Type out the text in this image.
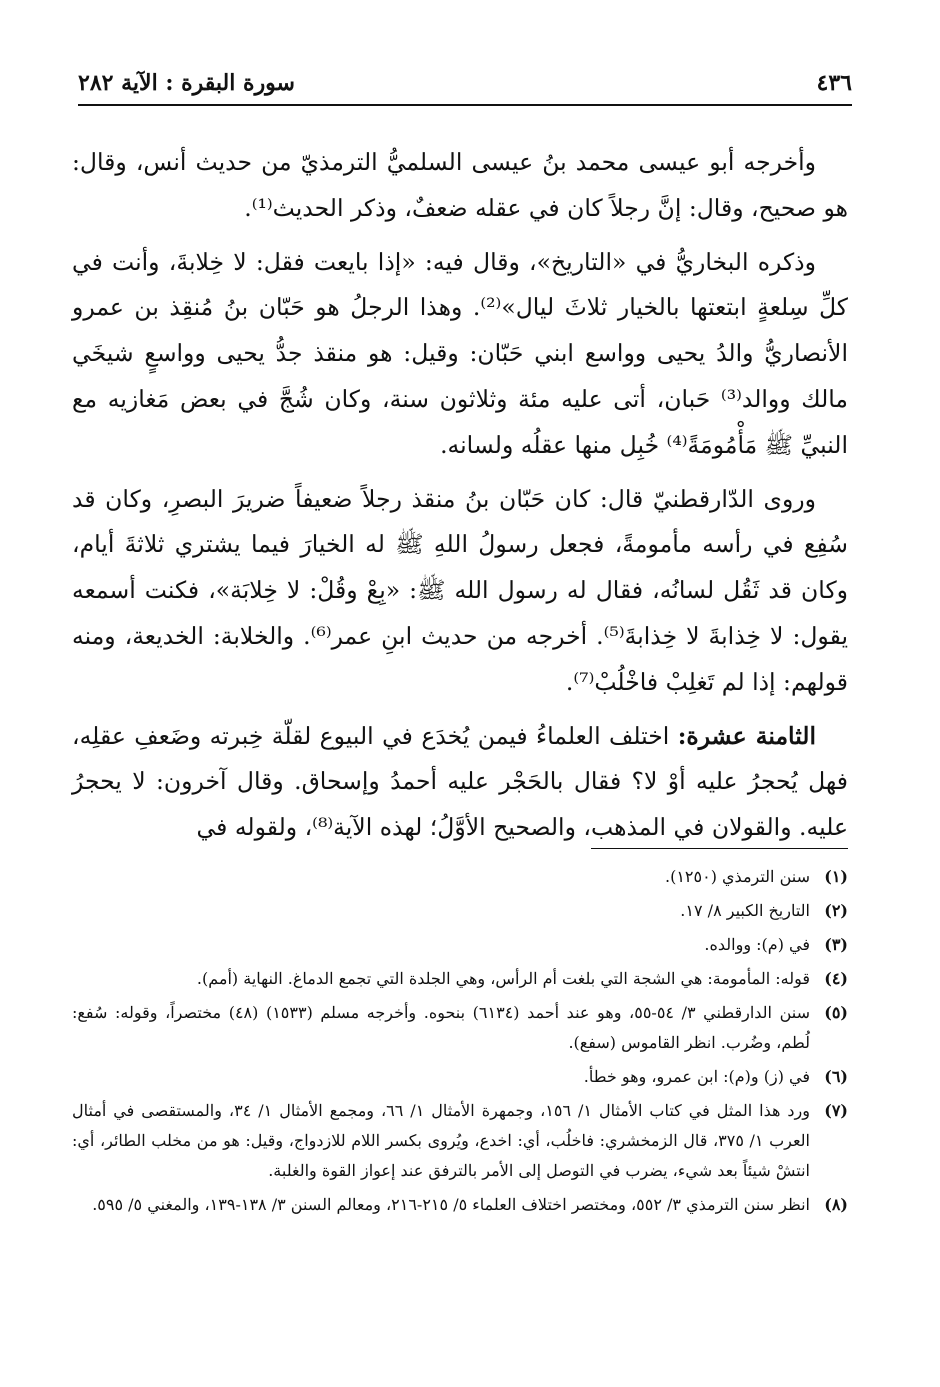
٤٣٦
سورة البقرة : الآية ٢٨٢

وأخرجه أبو عيسى محمد بنُ عيسى السلميُّ الترمذيّ من حديث أنس، وقال: هو صحيح، وقال: إنَّ رجلاً كان في عقله ضعفٌ، وذكر الحديث⁽¹⁾.

وذكره البخاريُّ في «التاريخ»، وقال فيه: «إذا بايعت فقل: لا خِلابةَ، وأنت في كلِّ سِلعةٍ ابتعتها بالخيار ثلاثَ ليال»⁽²⁾. وهذا الرجلُ هو حَبّان بنُ مُنقِذ بن عمرو الأنصاريُّ والدُ يحيى وواسع ابني حَبّان: وقيل: هو منقذ جدُّ يحيى وواسعٍ شيخَي مالك ووالد⁽³⁾ حَبان، أتى عليه مئة وثلاثون سنة، وكان شُجَّ في بعض مَغازيه مع النبيِّ ﷺ مَأْمُومَةً⁽⁴⁾ خُبِل منها عقلُه ولسانه.

وروى الدّارقطنيّ قال: كان حَبّان بنُ منقذ رجلاً ضعيفاً ضريرَ البصرِ، وكان قد سُفِع في رأسه مأمومةً، فجعل رسولُ اللهِ ﷺ له الخيارَ فيما يشتري ثلاثةَ أيام، وكان قد ثَقُل لسانُه، فقال له رسول الله ﷺ: «بِعْ وقُلْ: لا خِلابَة»، فكنت أسمعه يقول: لا خِذابةَ لا خِذابةَ⁽⁵⁾. أخرجه من حديث ابنِ عمر⁽⁶⁾. والخلابة: الخديعة، ومنه قولهم: إذا لم تَغلِبْ فاخْلُبْ⁽⁷⁾.

الثامنة عشرة: اختلف العلماءُ فيمن يُخدَع في البيوع لقلّة خِبرته وضَعفِ عقلِه، فهل يُحجرُ عليه أوْ لا؟ فقال بالحَجْر عليه أحمدُ وإسحاق. وقال آخرون: لا يحجرُ عليه. والقولان في المذهب، والصحيح الأوَّلُ؛ لهذه الآية⁽⁸⁾، ولقوله في

(١)
سنن الترمذي (١٢٥٠).
(٢)
التاريخ الكبير ٨/ ١٧.
(٣)
في (م): ووالده.
(٤)
قوله: المأمومة: هي الشجة التي بلغت أم الرأس، وهي الجلدة التي تجمع الدماغ. النهاية (أمم).
(٥)
سنن الدارقطني ٣/ ٥٤-٥٥، وهو عند أحمد (٦١٣٤) بنحوه. وأخرجه مسلم (١٥٣٣) (٤٨) مختصراً، وقوله: سُفع: لُطم، وضُرب. انظر القاموس (سفع).
(٦)
في (ز) و(م): ابن عمرو، وهو خطأ.
(٧)
ورد هذا المثل في كتاب الأمثال ١/ ١٥٦، وجمهرة الأمثال ١/ ٦٦، ومجمع الأمثال ١/ ٣٤، والمستقصى في أمثال العرب ١/ ٣٧٥، قال الزمخشري: فاخلُب، أي: اخدع، ويُروى بكسر اللام للازدواج، وقيل: هو من مخلب الطائر، أي: انتشْ شيئاً بعد شيء، يضرب في التوصل إلى الأمر بالترفق عند إعواز القوة والغلبة.
(٨)
انظر سنن الترمذي ٣/ ٥٥٢، ومختصر اختلاف العلماء ٥/ ٢١٥-٢١٦، ومعالم السنن ٣/ ١٣٨-١٣٩، والمغني ٥/ ٥٩٥.
